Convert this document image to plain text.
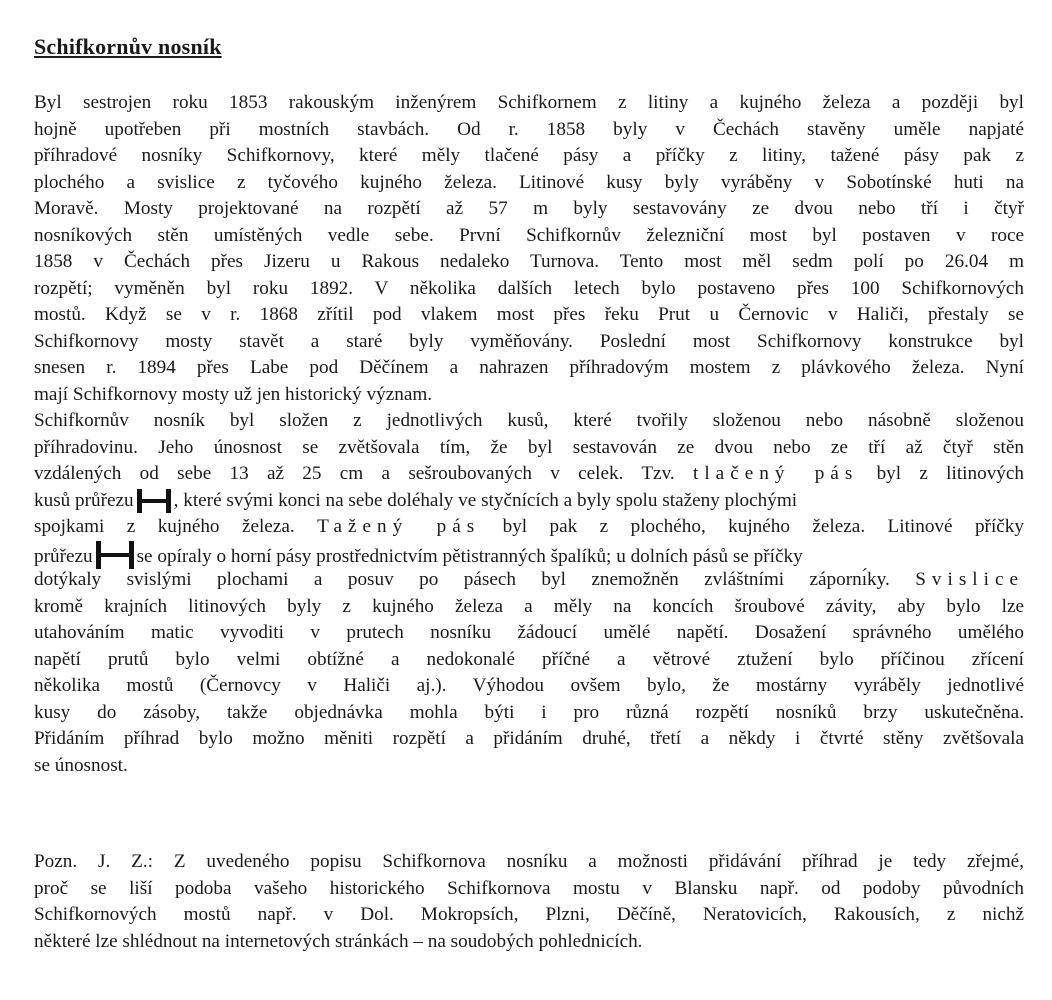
Schifkornův nosník
Byl sestrojen roku 1853 rakouským inženýrem Schifkornem z litiny a kujného železa a později byl
hojně upotřeben při mostních stavbách. Od r. 1858 byly v Čechách stavěny uměle napjaté
příhradové nosníky Schifkornovy, které měly tlačené pásy a příčky z litiny, tažené pásy pak z
plochého a svislice z tyčového kujného železa. Litinové kusy byly vyráběny v Sobotínské huti na
Moravě. Mosty projektované na rozpětí až 57 m byly sestavovány ze dvou nebo tří i čtyř
nosníkových stěn umístěných vedle sebe. První Schifkornův železniční most byl postaven v roce
1858 v Čechách přes Jizeru u Rakous nedaleko Turnova. Tento most měl sedm polí po 26.04 m
rozpětí; vyměněn byl roku 1892. V několika dalších letech bylo postaveno přes 100 Schifkornových
mostů. Když se v r. 1868 zřítil pod vlakem most přes řeku Prut u Černovic v Haliči, přestaly se
Schifkornovy mosty stavět a staré byly vyměňovány. Poslední most Schifkornovy konstrukce byl
snesen r. 1894 přes Labe pod Děčínem a nahrazen příhradovým mostem z plávkového železa. Nyní
mají Schifkornovy mosty už jen historický význam.
Schifkornův nosník byl složen z jednotlivých kusů, které tvořily složenou nebo násobně složenou
příhradovinu. Jeho únosnost se zvětšovala tím, že byl sestavován ze dvou nebo ze tří až čtyř stěn
vzdálených od sebe 13 až 25 cm a sešroubovaných v celek. Tzv. tlačený pás byl z litinových
kusů průřezu , které svými konci na sebe doléhaly ve styčnících a byly spolu staženy plochými
spojkami z kujného železa. Tažený pás byl pak z plochého, kujného železa. Litinové příčky
průřezu se opíraly o horní pásy prostřednictvím pětistranných špalíků; u dolních pásů se příčky
dotýkaly svislými plochami a posuv po pásech byl znemožněn zvláštními zápornı́ky. Svislice
kromě krajních litinových byly z kujného železa a měly na koncích šroubové závity, aby bylo lze
utahováním matic vyvoditi v prutech nosníku žádoucí umělé napětí. Dosažení správného umělého
napětí prutů bylo velmi obtížné a nedokonalé příčné a větrové ztužení bylo příčinou zřícení
několika mostů (Černovcy v Haliči aj.). Výhodou ovšem bylo, že mostárny vyráběly jednotlivé
kusy do zásoby, takže objednávka mohla býti i pro různá rozpětí nosníků brzy uskutečněna.
Přidáním příhrad bylo možno měniti rozpětí a přidáním druhé, třetí a někdy i čtvrté stěny zvětšovala
se únosnost.
Pozn. J. Z.: Z uvedeného popisu Schifkornova nosníku a možnosti přidávání příhrad je tedy zřejmé,
proč se liší podoba vašeho historického Schifkornova mostu v Blansku např. od podoby původních
Schifkornových mostů např. v Dol. Mokropsích, Plzni, Děčíně, Neratovicích, Rakousích, z nichž
některé lze shlédnout na internetových stránkách – na soudobých pohlednicích.
